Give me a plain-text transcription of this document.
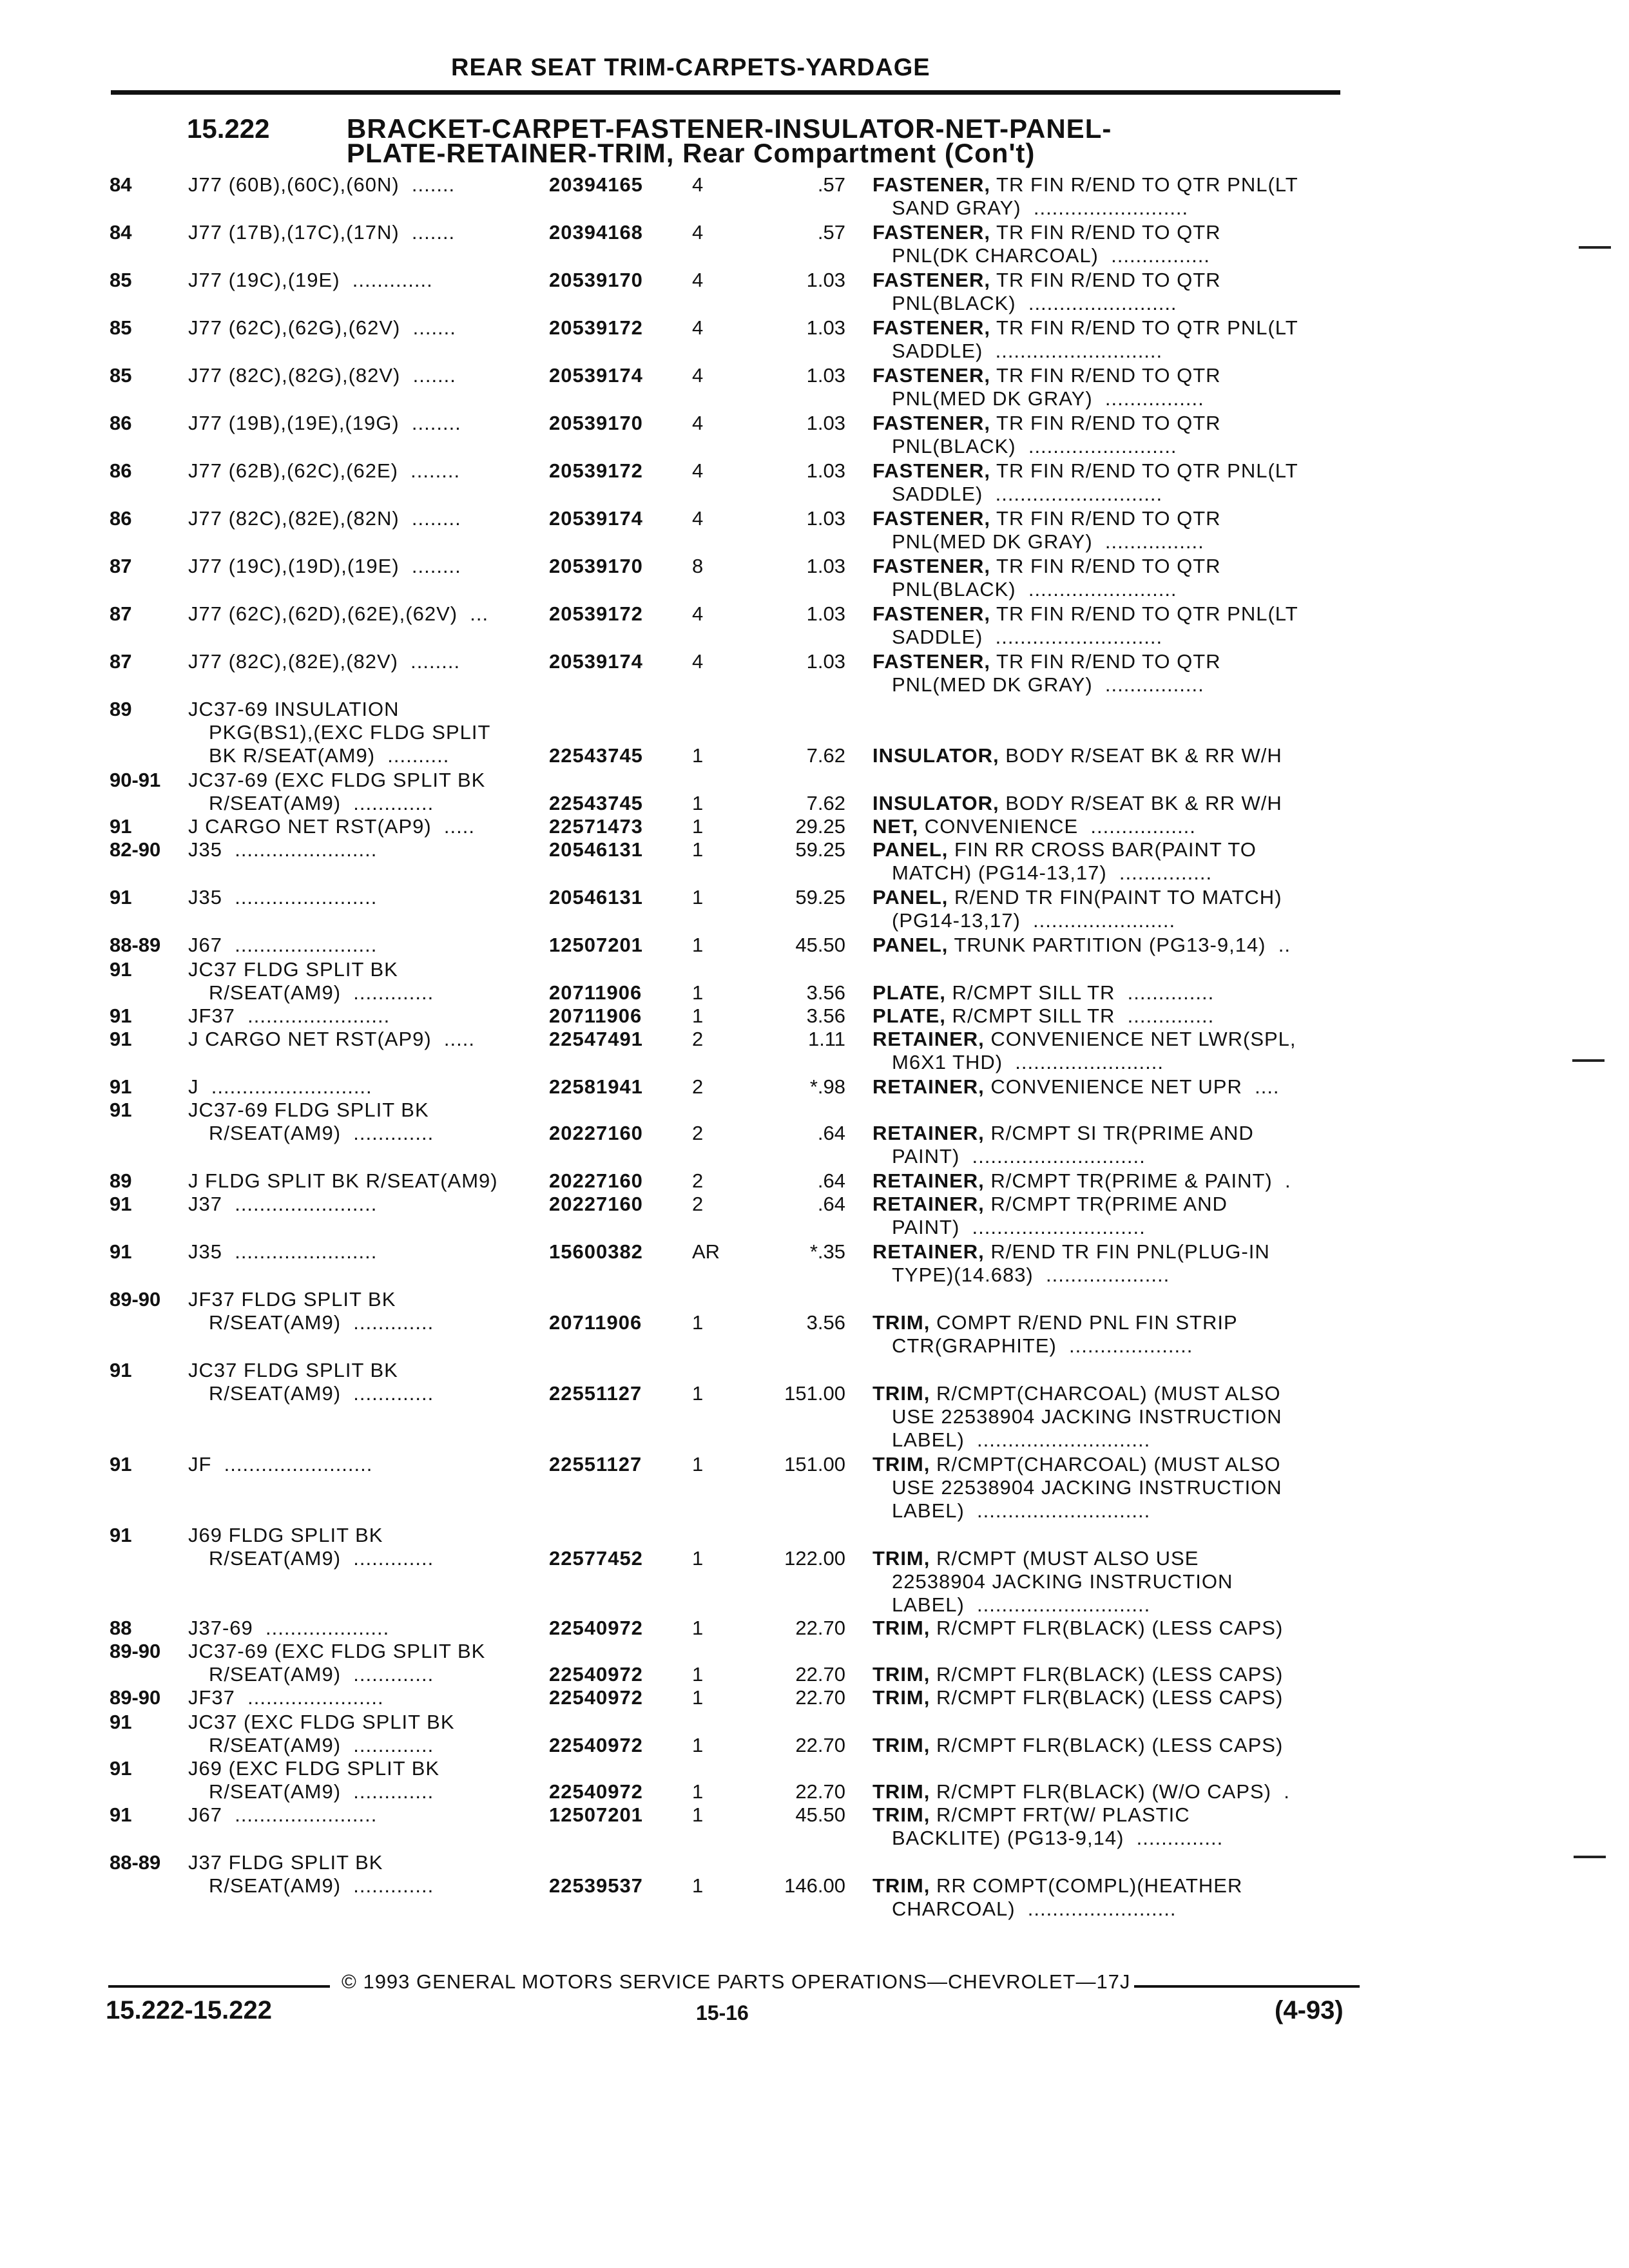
REAR SEAT TRIM-CARPETS-YARDAGE
15.222	BRACKET-CARPET-FASTENER-INSULATOR-NET-PANEL-
PLATE-RETAINER-TRIM, Rear Compartment (Con't)
84	J77 (60B),(60C),(60N)  .......	20394165 4	.57 FASTENER, TR FIN R/END TO QTR PNL(LT
SAND GRAY)  .........................
84	J77 (17B),(17C),(17N)  .......	20394168 4	.57 FASTENER, TR FIN R/END TO QTR
PNL(DK CHARCOAL)  ................
85	J77 (19C),(19E)  .............	20539170 4	1.03 FASTENER, TR FIN R/END TO QTR
PNL(BLACK)  ........................
85	J77 (62C),(62G),(62V)  .......	20539172 4	1.03 FASTENER, TR FIN R/END TO QTR PNL(LT
SADDLE)  ...........................
85	J77 (82C),(82G),(82V)  .......	20539174 4	1.03 FASTENER, TR FIN R/END TO QTR
PNL(MED DK GRAY)  ................
86	J77 (19B),(19E),(19G)  ........	20539170 4	1.03 FASTENER, TR FIN R/END TO QTR
PNL(BLACK)  ........................
86	J77 (62B),(62C),(62E)  ........	20539172 4	1.03 FASTENER, TR FIN R/END TO QTR PNL(LT
SADDLE)  ...........................
86	J77 (82C),(82E),(82N)  ........	20539174 4	1.03 FASTENER, TR FIN R/END TO QTR
PNL(MED DK GRAY)  ................
87	J77 (19C),(19D),(19E)  ........	20539170 8	1.03 FASTENER, TR FIN R/END TO QTR
PNL(BLACK)  ........................
87	J77 (62C),(62D),(62E),(62V)  ...	20539172 4	1.03 FASTENER, TR FIN R/END TO QTR PNL(LT
SADDLE)  ...........................
87	J77 (82C),(82E),(82V)  ........	20539174 4	1.03 FASTENER, TR FIN R/END TO QTR
PNL(MED DK GRAY)  ................
89	JC37-69 INSULATION
PKG(BS1),(EXC FLDG SPLIT
BK R/SEAT(AM9)  ..........	22543745 1	7.62 INSULATOR, BODY R/SEAT BK & RR W/H
90-91 JC37-69 (EXC FLDG SPLIT BK
R/SEAT(AM9)  .............	22543745 1	7.62 INSULATOR, BODY R/SEAT BK & RR W/H
91	J CARGO NET RST(AP9)  .....	22571473 1	29.25 NET, CONVENIENCE  .................
82-90 J35  .......................	20546131 1	59.25 PANEL, FIN RR CROSS BAR(PAINT TO
MATCH) (PG14-13,17)  ...............
91	J35  .......................	20546131 1	59.25 PANEL, R/END TR FIN(PAINT TO MATCH)
(PG14-13,17)  .......................
88-89 J67  .......................	12507201 1	45.50 PANEL, TRUNK PARTITION (PG13-9,14)  ..
91	JC37 FLDG SPLIT BK
R/SEAT(AM9)  .............	20711906	1	3.56 PLATE, R/CMPT SILL TR  ..............
91	JF37  .......................	20711906	1	3.56 PLATE, R/CMPT SILL TR  ..............
91	J CARGO NET RST(AP9)  .....	22547491 2	1.11 RETAINER, CONVENIENCE NET LWR(SPL,
M6X1 THD)  ........................
91	J  ..........................	22581941 2	*.98 RETAINER, CONVENIENCE NET UPR  ....
91	JC37-69 FLDG SPLIT BK
R/SEAT(AM9)  .............	20227160 2	.64 RETAINER, R/CMPT SI TR(PRIME AND
PAINT)  ............................
89	J FLDG SPLIT BK R/SEAT(AM9)	20227160 2	.64 RETAINER, R/CMPT TR(PRIME & PAINT)  .
91	J37  .......................	20227160 2	.64 RETAINER, R/CMPT TR(PRIME AND
PAINT)  ............................
91	J35  .......................	15600382 AR	*.35 RETAINER, R/END TR FIN PNL(PLUG-IN
TYPE)(14.683)  ....................
89-90 JF37 FLDG SPLIT BK
R/SEAT(AM9)  .............	20711906	1	3.56 TRIM, COMPT R/END PNL FIN STRIP
CTR(GRAPHITE)  ....................
91	JC37 FLDG SPLIT BK
R/SEAT(AM9)  .............	22551127	1	151.00 TRIM, R/CMPT(CHARCOAL) (MUST ALSO
USE 22538904 JACKING INSTRUCTION
LABEL)  ............................
91	JF  ........................	22551127	1	151.00 TRIM, R/CMPT(CHARCOAL) (MUST ALSO
USE 22538904 JACKING INSTRUCTION
LABEL)  ............................
91	J69 FLDG SPLIT BK
R/SEAT(AM9)  .............	22577452 1	122.00 TRIM, R/CMPT (MUST ALSO USE
22538904 JACKING INSTRUCTION
LABEL)  ............................
88	J37-69  ....................	22540972 1	22.70 TRIM, R/CMPT FLR(BLACK) (LESS CAPS)
89-90 JC37-69 (EXC FLDG SPLIT BK
R/SEAT(AM9)  .............	22540972 1	22.70 TRIM, R/CMPT FLR(BLACK) (LESS CAPS)
89-90 JF37  ......................	22540972 1	22.70 TRIM, R/CMPT FLR(BLACK) (LESS CAPS)
91	JC37 (EXC FLDG SPLIT BK
R/SEAT(AM9)  .............	22540972 1	22.70 TRIM, R/CMPT FLR(BLACK) (LESS CAPS)
91	J69 (EXC FLDG SPLIT BK
R/SEAT(AM9)  .............	22540972 1	22.70 TRIM, R/CMPT FLR(BLACK) (W/O CAPS)  .
91	J67  .......................	12507201 1	45.50 TRIM, R/CMPT FRT(W/ PLASTIC
BACKLITE) (PG13-9,14)  ..............
88-89 J37 FLDG SPLIT BK
R/SEAT(AM9)  .............	22539537 1	146.00 TRIM, RR COMPT(COMPL)(HEATHER
CHARCOAL)  ........................
© 1993 GENERAL MOTORS SERVICE PARTS OPERATIONS—CHEVROLET—17J
15.222-15.222	15-16	(4-93)
